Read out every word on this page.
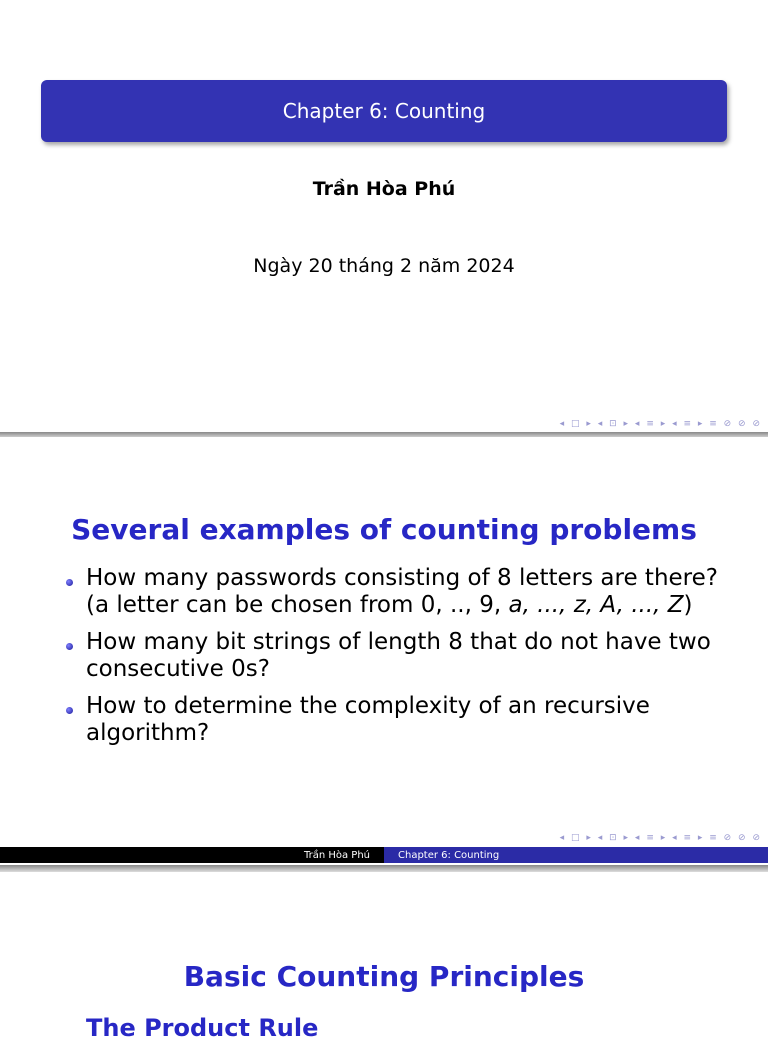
Chapter 6: Counting
Trần Hòa Phú
Ngày 20 tháng 2 năm 2024
◂ □ ▸ ◂ ⊡ ▸ ◂ ≡ ▸ ◂ ≡ ▸ ≡ ⊘ ⊘ ⊘
Several examples of counting problems
How many passwords consisting of 8 letters are there?
(a letter can be chosen from 0, .., 9, a, ..., z, A, ..., Z)
How many bit strings of length 8 that do not have two
consecutive 0s?
How to determine the complexity of an recursive
algorithm?
◂ □ ▸ ◂ ⊡ ▸ ◂ ≡ ▸ ◂ ≡ ▸ ≡ ⊘ ⊘ ⊘
Trần Hòa Phú	Chapter 6: Counting
Basic Counting Principles
The Product Rule
